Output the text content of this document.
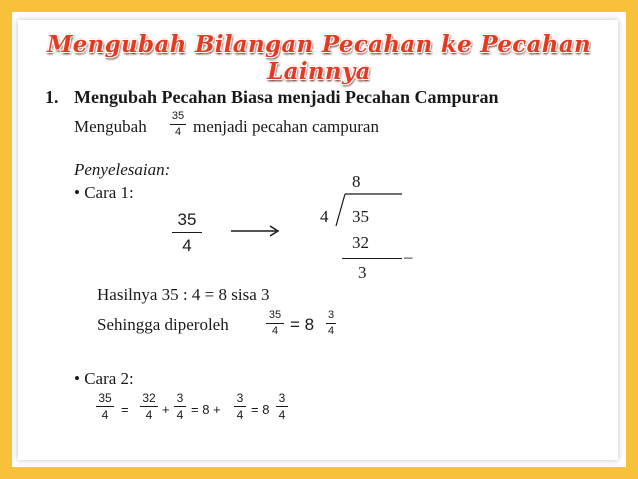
Mengubah Bilangan Pecahan ke Pecahan Lainnya
1. Mengubah Pecahan Biasa menjadi Pecahan Campuran
Mengubah
35
4 menjadi pecahan campuran
Penyelesaian:
• Cara 1:
35
4
8
4 35
32
–
3
Hasilnya 35 : 4 = 8 sisa 3
Sehingga diperoleh	35
4 = 8 3
4
• Cara 2:
35
4 =
32
4 +
3
4 = 8 +
3
4 = 8
3
4
